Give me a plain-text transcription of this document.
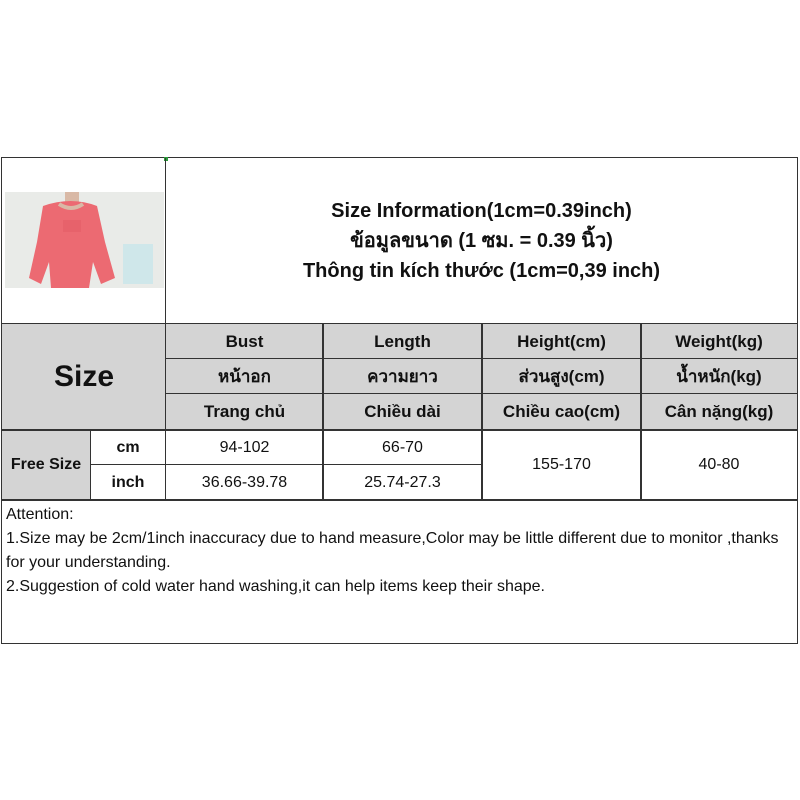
Size Information(1cm=0.39inch)
ข้อมูลขนาด (1 ซม. = 0.39 นิ้ว)
Thông tin kích thước (1cm=0,39 inch)
Size
Bust
หน้าอก
Trang chủ
Length
ความยาว
Chiều dài
Height(cm)
ส่วนสูง(cm)
Chiều cao(cm)
Weight(kg)
น้ำหนัก(kg)
Cân nặng(kg)
Free Size
cm
inch
94-102
36.66-39.78
66-70
25.74-27.3
155-170	40-80
Attention:
1.Size may be 2cm/1inch inaccuracy due to hand measure,Color may be little different due to monitor ,thanks for your understanding.
2.Suggestion of cold water hand washing,it can help items keep their shape.
